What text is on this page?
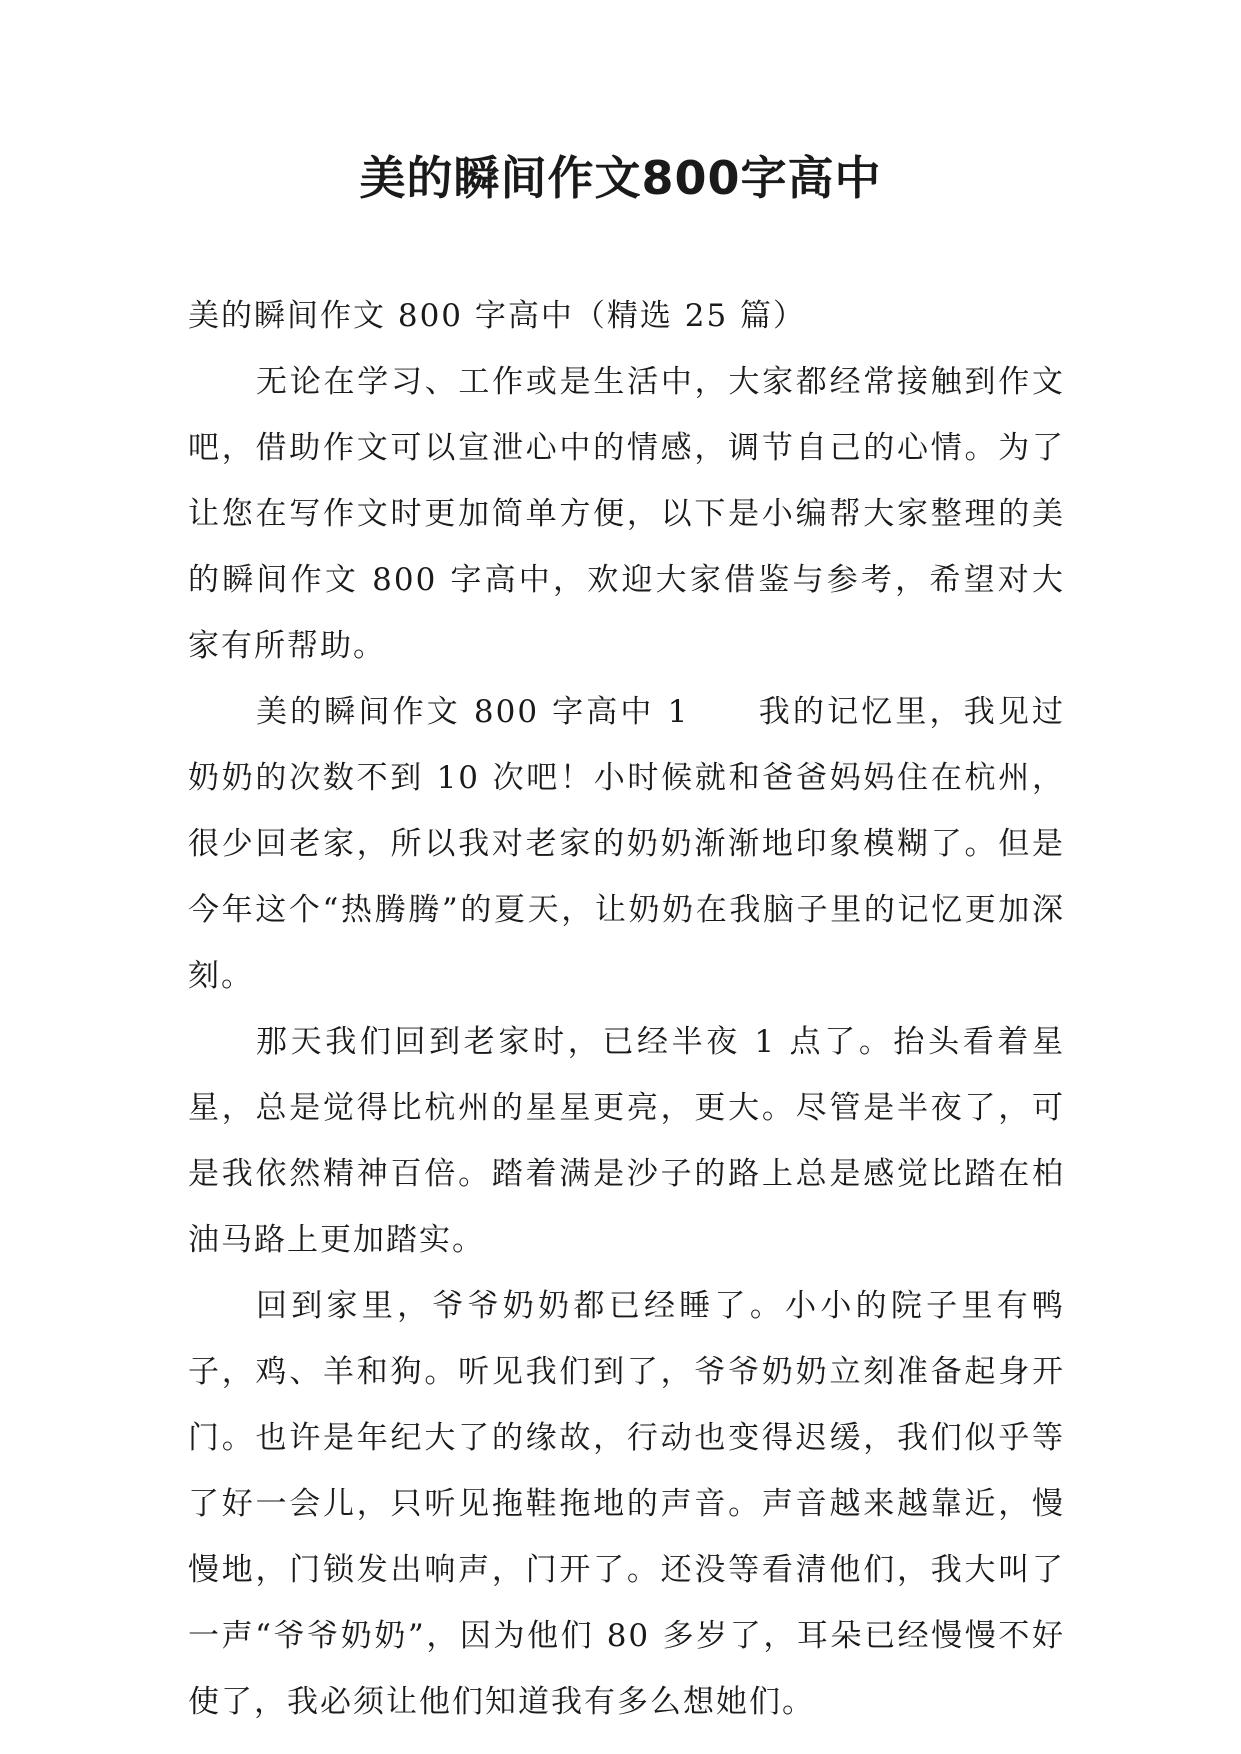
美的瞬间作文800字高中

美的瞬间作文 800 字高中（精选 25 篇）

无论在学习、工作或是生活中，大家都经常接触到作文吧，借助作文可以宣泄心中的情感，调节自己的心情。为了让您在写作文时更加简单方便，以下是小编帮大家整理的美的瞬间作文 800 字高中，欢迎大家借鉴与参考，希望对大家有所帮助。

美的瞬间作文 800 字高中 1　　我的记忆里，我见过奶奶的次数不到 10 次吧！小时候就和爸爸妈妈住在杭州，很少回老家，所以我对老家的奶奶渐渐地印象模糊了。但是今年这个“热腾腾”的夏天，让奶奶在我脑子里的记忆更加深刻。

那天我们回到老家时，已经半夜 1 点了。抬头看着星星，总是觉得比杭州的星星更亮，更大。尽管是半夜了，可是我依然精神百倍。踏着满是沙子的路上总是感觉比踏在柏油马路上更加踏实。

回到家里，爷爷奶奶都已经睡了。小小的院子里有鸭子，鸡、羊和狗。听见我们到了，爷爷奶奶立刻准备起身开门。也许是年纪大了的缘故，行动也变得迟缓，我们似乎等了好一会儿，只听见拖鞋拖地的声音。声音越来越靠近，慢慢地，门锁发出响声，门开了。还没等看清他们，我大叫了一声“爷爷奶奶”，因为他们 80 多岁了，耳朵已经慢慢不好使了，我必须让他们知道我有多么想她们。
